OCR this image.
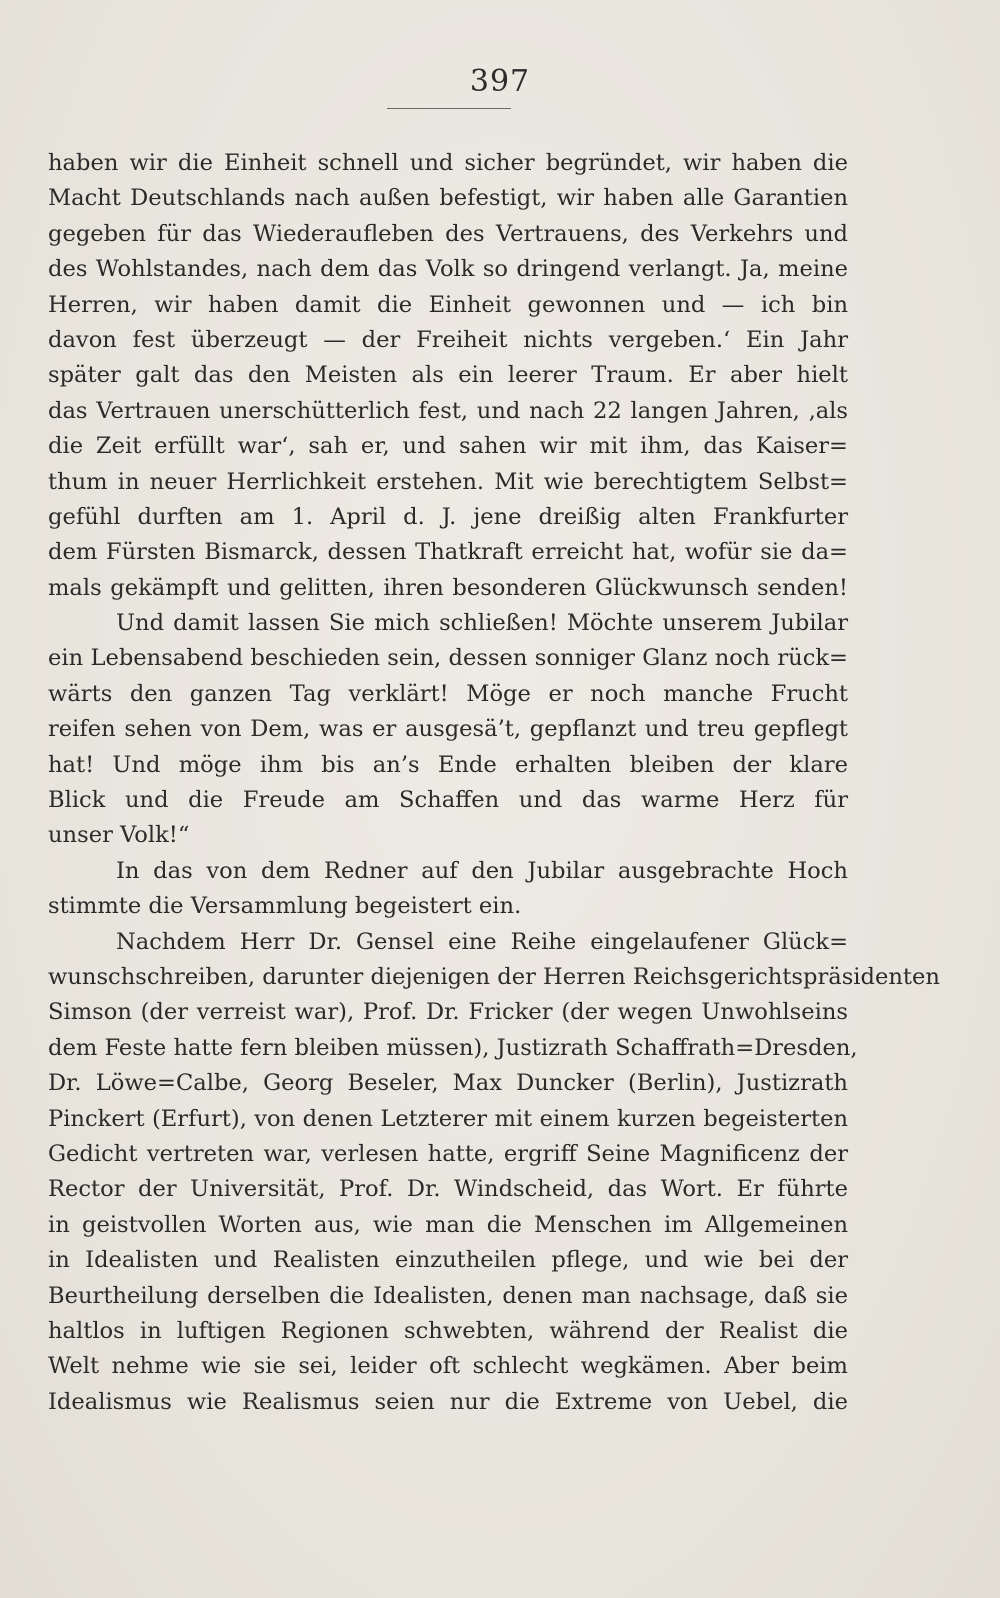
397
haben wir die Einheit schnell und sicher begründet, wir haben die
Macht Deutschlands nach außen befestigt, wir haben alle Garantien
gegeben für das Wiederaufleben des Vertrauens, des Verkehrs und
des Wohlstandes, nach dem das Volk so dringend verlangt. Ja, meine
Herren, wir haben damit die Einheit gewonnen und — ich bin
davon fest überzeugt — der Freiheit nichts vergeben.‘ Ein Jahr
später galt das den Meisten als ein leerer Traum. Er aber hielt
das Vertrauen unerschütterlich fest, und nach 22 langen Jahren, ‚als
die Zeit erfüllt war‘, sah er, und sahen wir mit ihm, das Kaiser=
thum in neuer Herrlichkeit erstehen. Mit wie berechtigtem Selbst=
gefühl durften am 1. April d. J. jene dreißig alten Frankfurter
dem Fürsten Bismarck, dessen Thatkraft erreicht hat, wofür sie da=
mals gekämpft und gelitten, ihren besonderen Glückwunsch senden!
Und damit lassen Sie mich schließen! Möchte unserem Jubilar
ein Lebensabend beschieden sein, dessen sonniger Glanz noch rück=
wärts den ganzen Tag verklärt! Möge er noch manche Frucht
reifen sehen von Dem, was er ausgesä’t, gepflanzt und treu gepflegt
hat! Und möge ihm bis an’s Ende erhalten bleiben der klare
Blick und die Freude am Schaffen und das warme Herz für
unser Volk!“
In das von dem Redner auf den Jubilar ausgebrachte Hoch
stimmte die Versammlung begeistert ein.
Nachdem Herr Dr. Gensel eine Reihe eingelaufener Glück=
wunschschreiben, darunter diejenigen der Herren Reichsgerichtspräsidenten
Simson (der verreist war), Prof. Dr. Fricker (der wegen Unwohlseins
dem Feste hatte fern bleiben müssen), Justizrath Schaffrath=Dresden,
Dr. Löwe=Calbe, Georg Beseler, Max Duncker (Berlin), Justizrath
Pinckert (Erfurt), von denen Letzterer mit einem kurzen begeisterten
Gedicht vertreten war, verlesen hatte, ergriff Seine Magnificenz der
Rector der Universität, Prof. Dr. Windscheid, das Wort. Er führte
in geistvollen Worten aus, wie man die Menschen im Allgemeinen
in Idealisten und Realisten einzutheilen pflege, und wie bei der
Beurtheilung derselben die Idealisten, denen man nachsage, daß sie
haltlos in luftigen Regionen schwebten, während der Realist die
Welt nehme wie sie sei, leider oft schlecht wegkämen. Aber beim
Idealismus wie Realismus seien nur die Extreme von Uebel, die
